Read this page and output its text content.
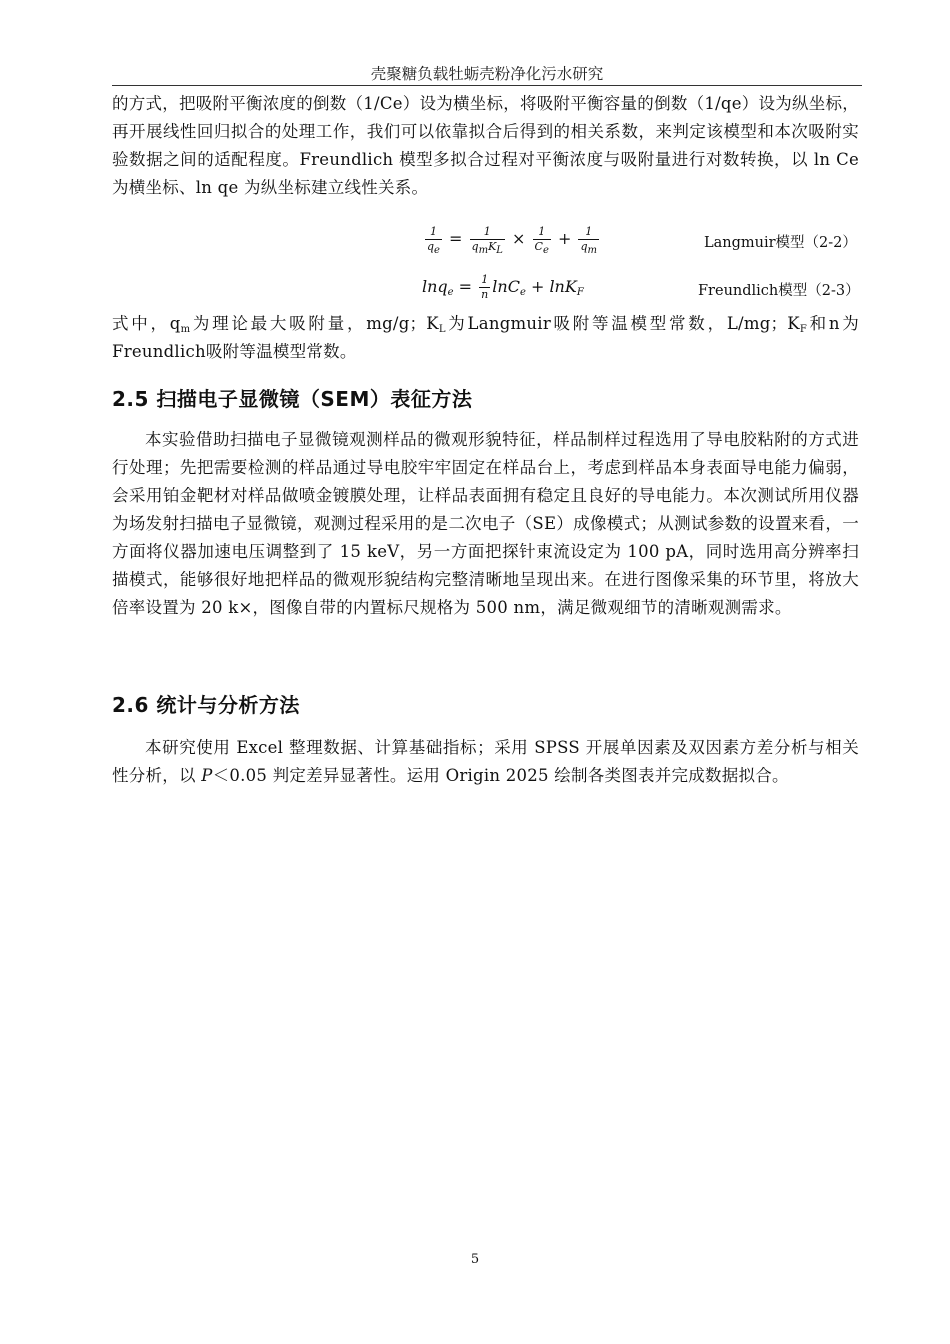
壳聚糖负载牡蛎壳粉净化污水研究

的方式，把吸附平衡浓度的倒数（1/Ce）设为横坐标，将吸附平衡容量的倒数（1/qe）设为纵坐标，再开展线性回归拟合的处理工作，我们可以依靠拟合后得到的相关系数，来判定该模型和本次吸附实验数据之间的适配程度。Freundlich 模型多拟合过程对平衡浓度与吸附量进行对数转换，以 ln Ce 为横坐标、ln qe 为纵坐标建立线性关系。

$\frac{1}{q_e} = \frac{1}{q_mK_L} \times \frac{1}{C_e} + \frac{1}{q_m}$	Langmuir模型（2-2）
$\ln q_e = \frac{1}{n} \ln C_e + \ln K_F$	Freundlich模型（2-3）

式中，$q_m$为理论最大吸附量，mg/g；$K_L$为Langmuir吸附等温模型常数，L/mg；$K_F$和n为Freundlich吸附等温模型常数。

2.5 扫描电子显微镜（SEM）表征方法

本实验借助扫描电子显微镜观测样品的微观形貌特征，样品制样过程选用了导电胶粘附的方式进行处理；先把需要检测的样品通过导电胶牢牢固定在样品台上，考虑到样品本身表面导电能力偏弱，会采用铂金靶材对样品做喷金镀膜处理，让样品表面拥有稳定且良好的导电能力。本次测试所用仪器为场发射扫描电子显微镜，观测过程采用的是二次电子（SE）成像模式；从测试参数的设置来看，一方面将仪器加速电压调整到了 15 keV，另一方面把探针束流设定为 100 pA，同时选用高分辨率扫描模式，能够很好地把样品的微观形貌结构完整清晰地呈现出来。在进行图像采集的环节里，将放大倍率设置为 20 k×，图像自带的内置标尺规格为 500 nm，满足微观细节的清晰观测需求。

2.6 统计与分析方法

本研究使用 Excel 整理数据、计算基础指标；采用 SPSS 开展单因素及双因素方差分析与相关性分析，以 P＜0.05 判定差异显著性。运用 Origin 2025 绘制各类图表并完成数据拟合。

5
